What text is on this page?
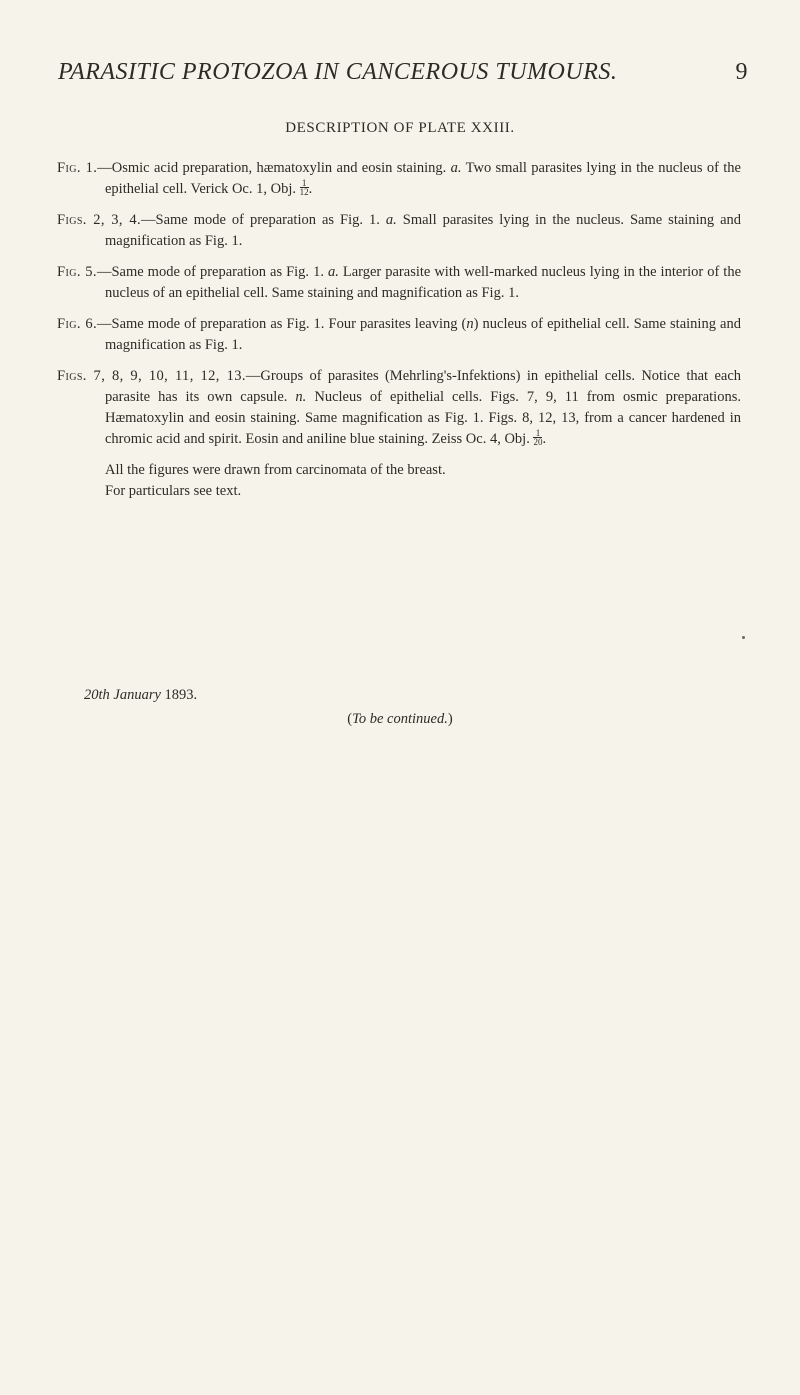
PARASITIC PROTOZOA IN CANCEROUS TUMOURS.	9
DESCRIPTION OF PLATE XXIII.

Fig. 1.—Osmic acid preparation, hæmatoxylin and eosin staining. a. Two small parasites lying in the nucleus of the epithelial cell. Verick Oc. 1, Obj. $\frac{1}{12}$ .

Figs. 2, 3, 4.—Same mode of preparation as Fig. 1. a. Small parasites lying in the nucleus. Same staining and magnification as Fig. 1.

Fig. 5.—Same mode of preparation as Fig. 1. a. Larger parasite with well-marked nucleus lying in the interior of the nucleus of an epithelial cell. Same staining and magnification as Fig. 1.

Fig. 6.—Same mode of preparation as Fig. 1. Four parasites leaving (n) nucleus of epithelial cell. Same staining and magnification as Fig. 1.

Figs. 7, 8, 9, 10, 11, 12, 13.—Groups of parasites (Mehrling's-Infektions) in epithelial cells. Notice that each parasite has its own capsule. n. Nucleus of epithelial cells. Figs. 7, 9, 11 from osmic preparations. Hæmatoxylin and eosin staining. Same magnification as Fig. 1. Figs. 8, 12, 13, from a cancer hardened in chromic acid and spirit. Eosin and aniline blue staining. Zeiss Oc. 4, Obj. $\frac{1}{20}$ .

All the figures were drawn from carcinomata of the breast.

For particulars see text.

20th January 1893.
(To be continued.)
